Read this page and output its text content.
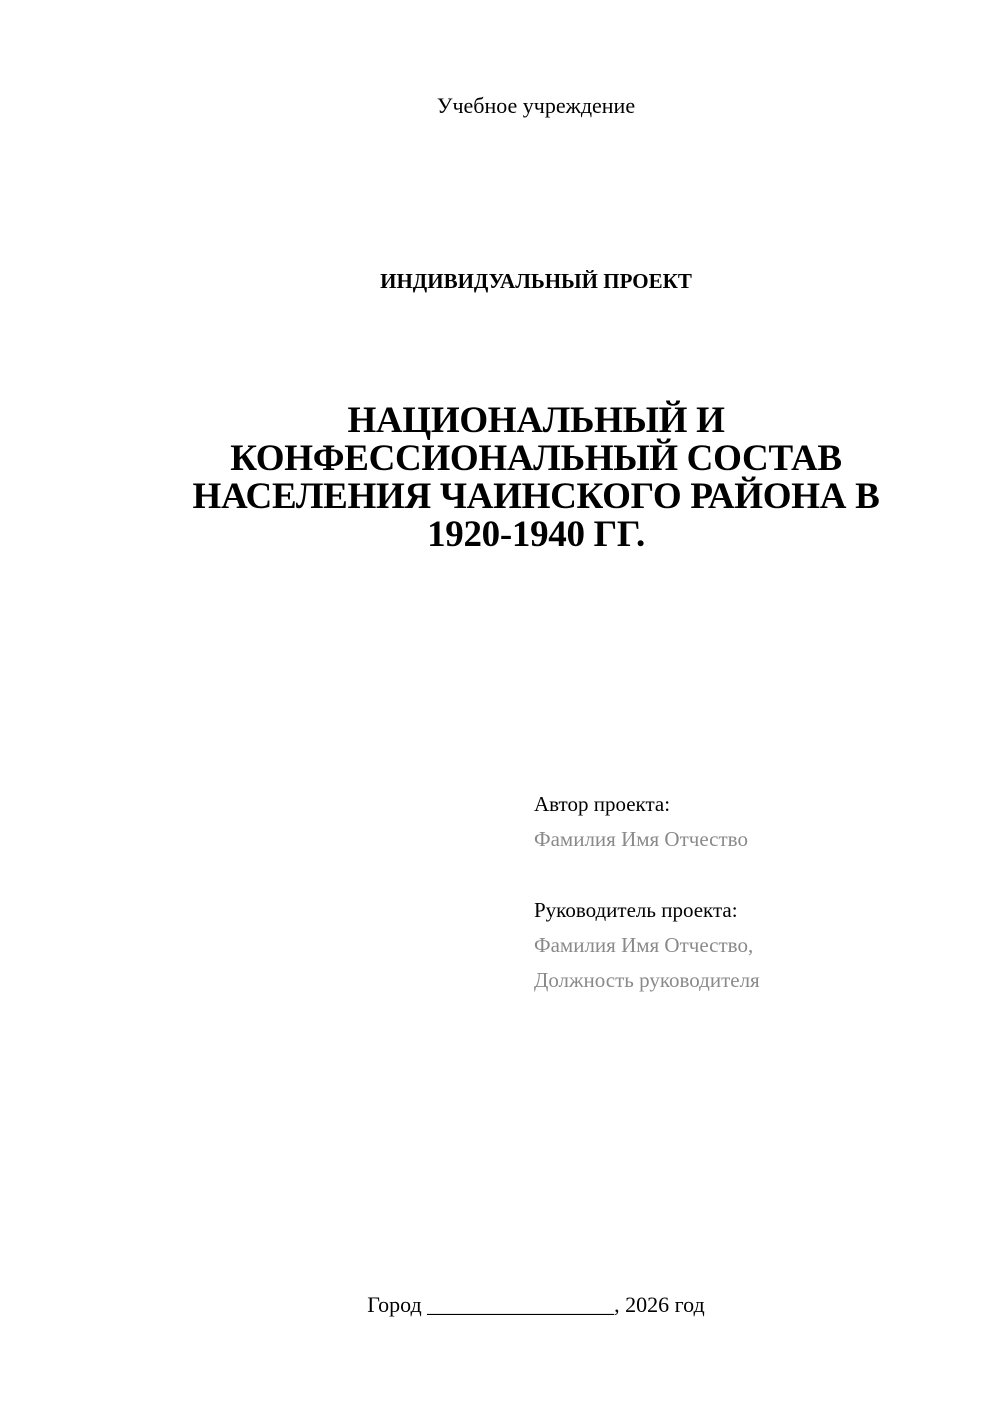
Учебное учреждение
ИНДИВИДУАЛЬНЫЙ ПРОЕКТ
НАЦИОНАЛЬНЫЙ И
КОНФЕССИОНАЛЬНЫЙ СОСТАВ
НАСЕЛЕНИЯ ЧАИНСКОГО РАЙОНА В
1920-1940 ГГ.
Автор проекта:
Фамилия Имя Отчество
Руководитель проекта:
Фамилия Имя Отчество,
Должность руководителя
Город _________________, 2026 год
